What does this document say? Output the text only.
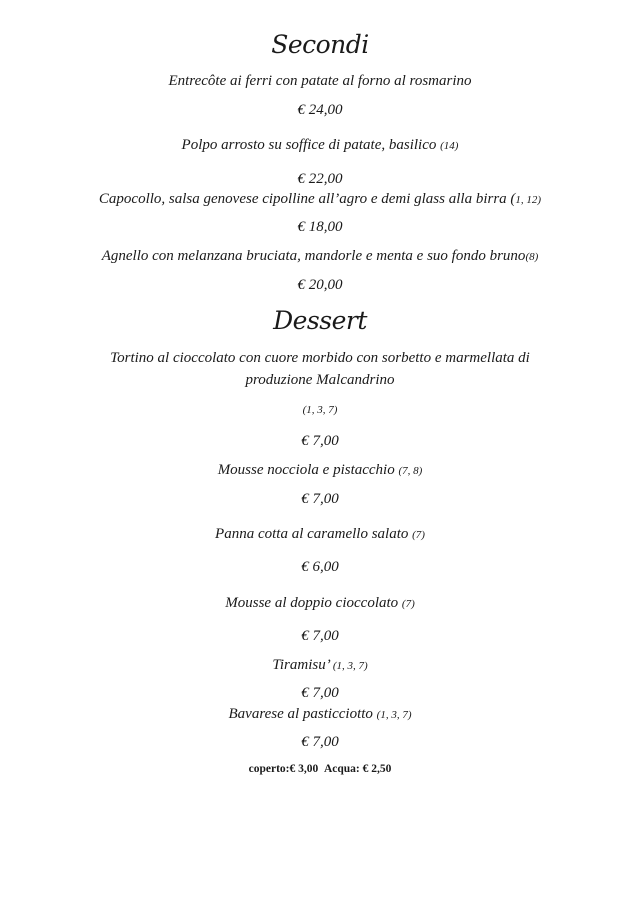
Secondi
Entrecôte ai ferri con patate al forno al rosmarino
€ 24,00
Polpo arrosto su soffice di patate, basilico (14)
€ 22,00
Capocollo, salsa genovese cipolline all’agro e demi glass alla birra (1, 12)
€ 18,00
Agnello con melanzana bruciata, mandorle e menta e suo fondo bruno(8)
€ 20,00
Dessert
Tortino al cioccolato con cuore morbido con sorbetto e marmellata di produzione Malcandrino
(1, 3, 7)
€ 7,00
Mousse nocciola e pistacchio (7, 8)
€ 7,00
Panna cotta al caramello salato (7)
€ 6,00
Mousse al doppio cioccolato (7)
€ 7,00
Tiramisu’ (1, 3, 7)
€ 7,00
Bavarese al pasticciotto (1, 3, 7)
€ 7,00
coperto:€ 3,00 Acqua: € 2,50
